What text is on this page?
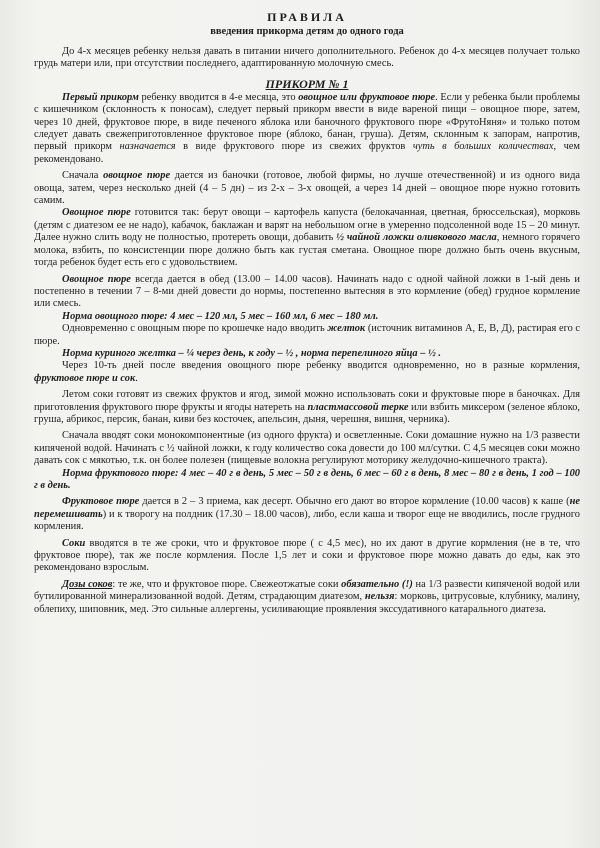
ПРАВИЛА
введения прикорма детям до одного года

До 4-х месяцев ребенку нельзя давать в питании ничего дополнительного. Ребенок до 4-х месяцев получает только грудь матери или, при отсутствии последнего, адаптированную молочную смесь.

ПРИКОРМ № 1

Первый прикорм ребенку вводится в 4-е месяца, это овощное или фруктовое пюре. Если у ребенка были проблемы с кишечником (склонность к поносам), следует первый прикорм ввести в виде вареной пищи – овощное пюре, затем, через 10 дней, фруктовое пюре, в виде печеного яблока или баночного фруктового пюре «ФрутоНяня» и только потом следует давать свежеприготовленное фруктовое пюре (яблоко, банан, груша). Детям, склонным к запорам, напротив, первый прикорм назначается в виде фруктового пюре из свежих фруктов чуть в больших количествах, чем рекомендовано.

Сначала овощное пюре дается из баночки (готовое, любой фирмы, но лучше отечественной) и из одного вида овоща, затем, через несколько дней (4 – 5 дн) – из 2-х – 3-х овощей, а через 14 дней – овощное пюре нужно готовить самим.

Овощное пюре готовится так: берут овощи – картофель капуста (белокачанная, цветная, брюссельская), морковь (детям с диатезом ее не надо), кабачок, баклажан и варят на небольшом огне в умеренно подсоленной воде 15 – 20 минут. Далее нужно слить воду не полностью, протереть овощи, добавить ½ чайной ложки оливкового масла, немного горячего молока, взбить, по консистенции пюре должно быть как густая сметана. Овощное пюре должно быть очень вкусным, тогда ребенок будет есть его с удовольствием.

Овощное пюре всегда дается в обед (13.00 – 14.00 часов). Начинать надо с одной чайной ложки в 1-ый день и постепенно в течении 7 – 8-ми дней довести до нормы, постепенно вытесняя в это кормление (обед) грудное кормление или смесь.

Норма овощного пюре: 4 мес – 120 мл, 5 мес – 160 мл, 6 мес – 180 мл.

Одновременно с овощным пюре по крошечке надо вводить желток (источник витаминов А, Е, В, Д), растирая его с пюре.

Норма куриного желтка – ¼ через день, к году – ½ , норма перепелиного яйца – ½ .

Через 10-ть дней после введения овощного пюре ребенку вводится одновременно, но в разные кормления, фруктовое пюре и сок.

Летом соки готовят из свежих фруктов и ягод, зимой можно использовать соки и фруктовые пюре в баночках. Для приготовления фруктового пюре фрукты и ягоды натереть на пластмассовой терке или взбить миксером (зеленое яблоко, груша, абрикос, персик, банан, киви без косточек, апельсин, дыня, черешня, вишня, черника).

Сначала вводят соки монокомпонентные (из одного фрукта) и осветленные. Соки домашние нужно на 1/3 развести кипяченой водой. Начинать с ½ чайной ложки, к году количество сока довести до 100 мл/сутки. С 4,5 месяцев соки можно давать сок с мякотью, т.к. он более полезен (пищевые волокна регулируют моторику желудочно-кишечного тракта).

Норма фруктового пюре: 4 мес – 40 г в день, 5 мес – 50 г в день, 6 мес – 60 г в день, 8 мес – 80 г в день, 1 год – 100 г в день.

Фруктовое пюре дается в 2 – 3 приема, как десерт. Обычно его дают во второе кормление (10.00 часов) к каше (не перемешивать) и к творогу на полдник (17.30 – 18.00 часов), либо, если каша и творог еще не вводились, после грудного кормления.

Соки вводятся в те же сроки, что и фруктовое пюре ( с 4,5 мес), но их дают в другие кормления (не в те, что фруктовое пюре), так же после кормления. После 1,5 лет и соки и фруктовое пюре можно давать до еды, как это рекомендовано взрослым.

Дозы соков: те же, что и фруктовое пюре. Свежеотжатые соки обязательно (!) на 1/3 развести кипяченой водой или бутилированной минерализованной водой. Детям, страдающим диатезом, нельзя: морковь, цитрусовые, клубнику, малину, облепиху, шиповник, мед. Это сильные аллергены, усиливающие проявления экссудативного катарального диатеза.
